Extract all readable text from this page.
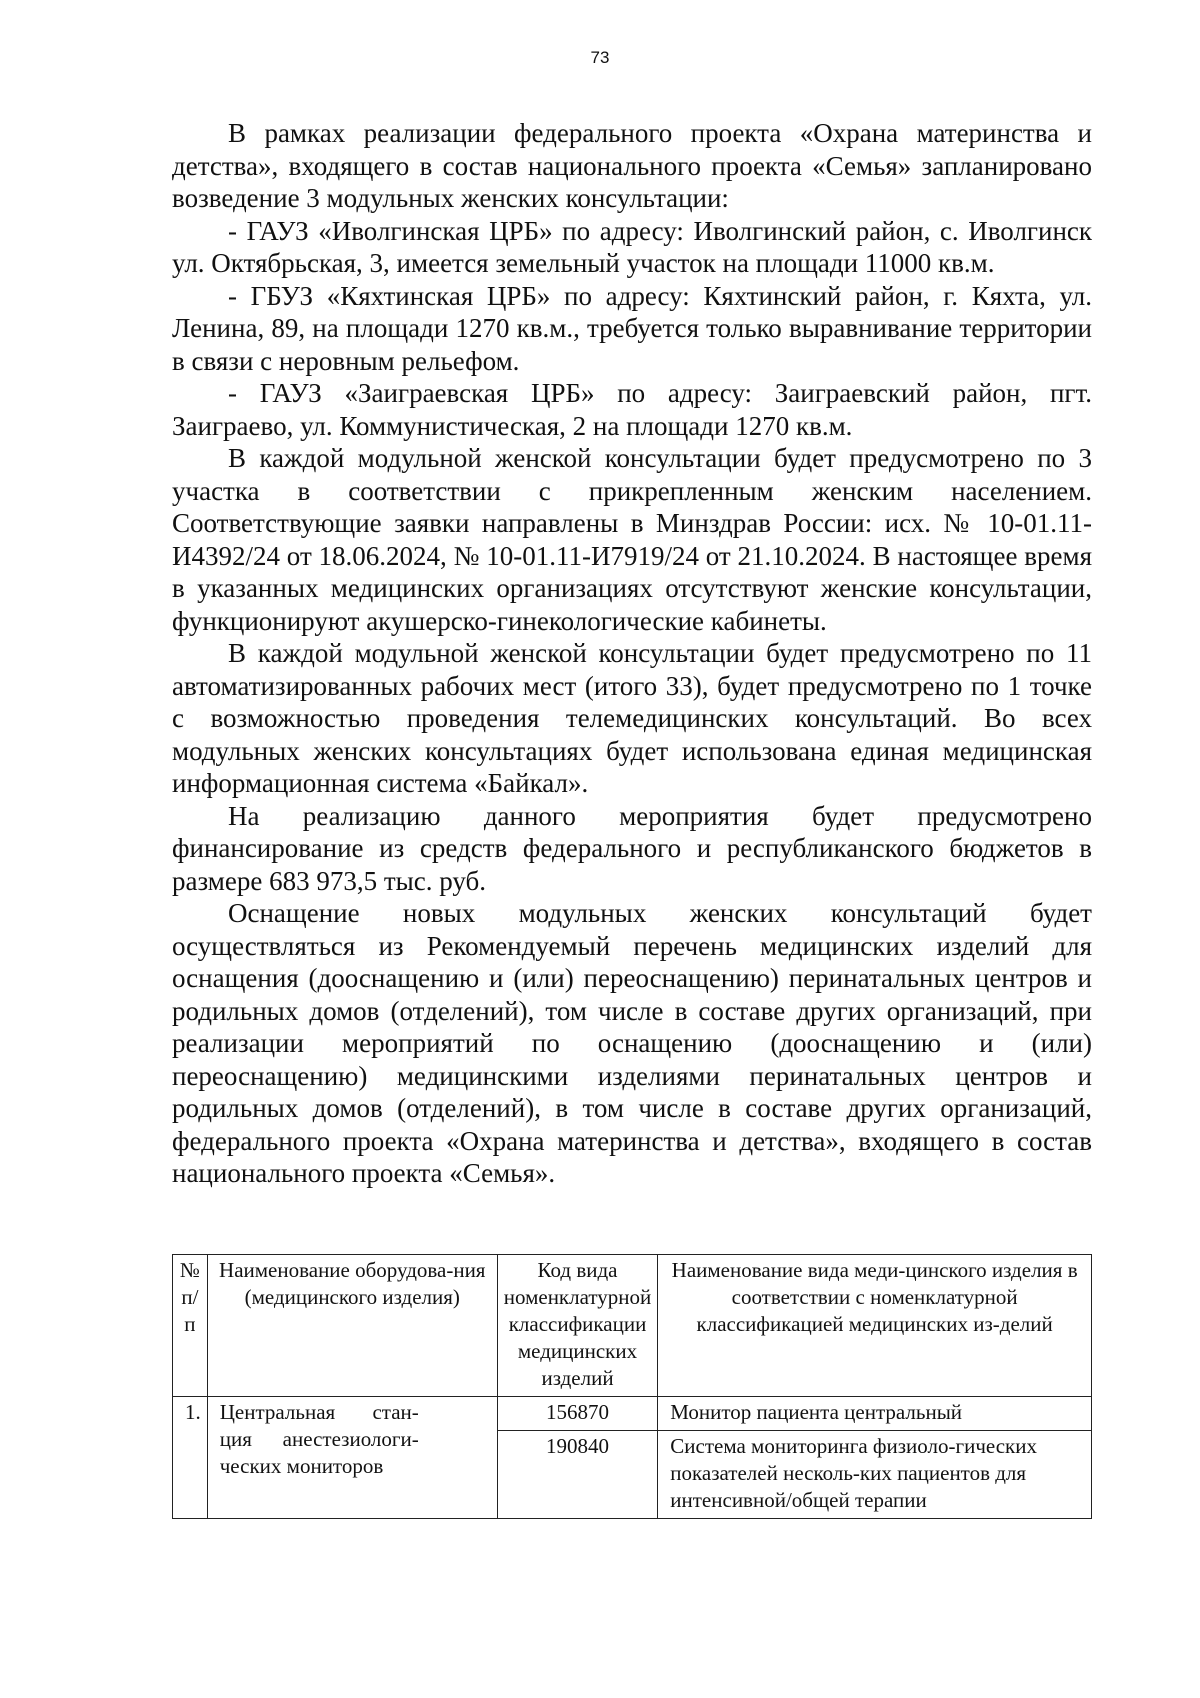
73

В рамках реализации федерального проекта «Охрана материнства и детства», входящего в состав национального проекта «Семья» запланировано возведение 3 модульных женских консультации:

- ГАУЗ «Иволгинская ЦРБ» по адресу: Иволгинский район, с. Иволгинск ул. Октябрьская, 3, имеется земельный участок на площади 11000 кв.м.

- ГБУЗ «Кяхтинская ЦРБ» по адресу: Кяхтинский район, г. Кяхта, ул. Ленина, 89, на площади 1270 кв.м., требуется только выравнивание территории в связи с неровным рельефом.

- ГАУЗ «Заиграевская ЦРБ» по адресу: Заиграевский район, пгт. Заиграево, ул. Коммунистическая, 2 на площади 1270 кв.м.

В каждой модульной женской консультации будет предусмотрено по 3 участка в соответствии с прикрепленным женским населением. Соответствующие заявки направлены в Минздрав России: исх. № 10-01.11-И4392/24 от 18.06.2024, № 10-01.11-И7919/24 от 21.10.2024. В настоящее время в указанных медицинских организациях отсутствуют женские консультации, функционируют акушерско-гинекологические кабинеты.

В каждой модульной женской консультации будет предусмотрено по 11 автоматизированных рабочих мест (итого 33), будет предусмотрено по 1 точке с возможностью проведения телемедицинских консультаций. Во всех модульных женских консультациях будет использована единая медицинская информационная система «Байкал».

На реализацию данного мероприятия будет предусмотрено финансирование из средств федерального и республиканского бюджетов в размере 683 973,5 тыс. руб.

Оснащение новых модульных женских консультаций будет осуществляться из Рекомендуемый перечень медицинских изделий для оснащения (дооснащению и (или) переоснащению) перинатальных центров и родильных домов (отделений), том числе в составе других организаций, при реализации мероприятий по оснащению (дооснащению и (или) переоснащению) медицинскими изделиями перинатальных центров и родильных домов (отделений), в том числе в составе других организаций, федерального проекта «Охрана материнства и детства», входящего в состав национального проекта «Семья».

№ п/п	Наименование оборудова-ния (медицинского изделия)	Код вида номенклатурной классификации медицинских изделий	Наименование вида меди-цинского изделия в соответствии с номенклатурной классификацией медицинских из-делий
1.	Центральная стан-ция анестезиологи-ческих мониторов	156870	Монитор пациента центральный
		190840	Система мониторинга физиоло-гических показателей несколь-ких пациентов для интенсивной/общей терапии
